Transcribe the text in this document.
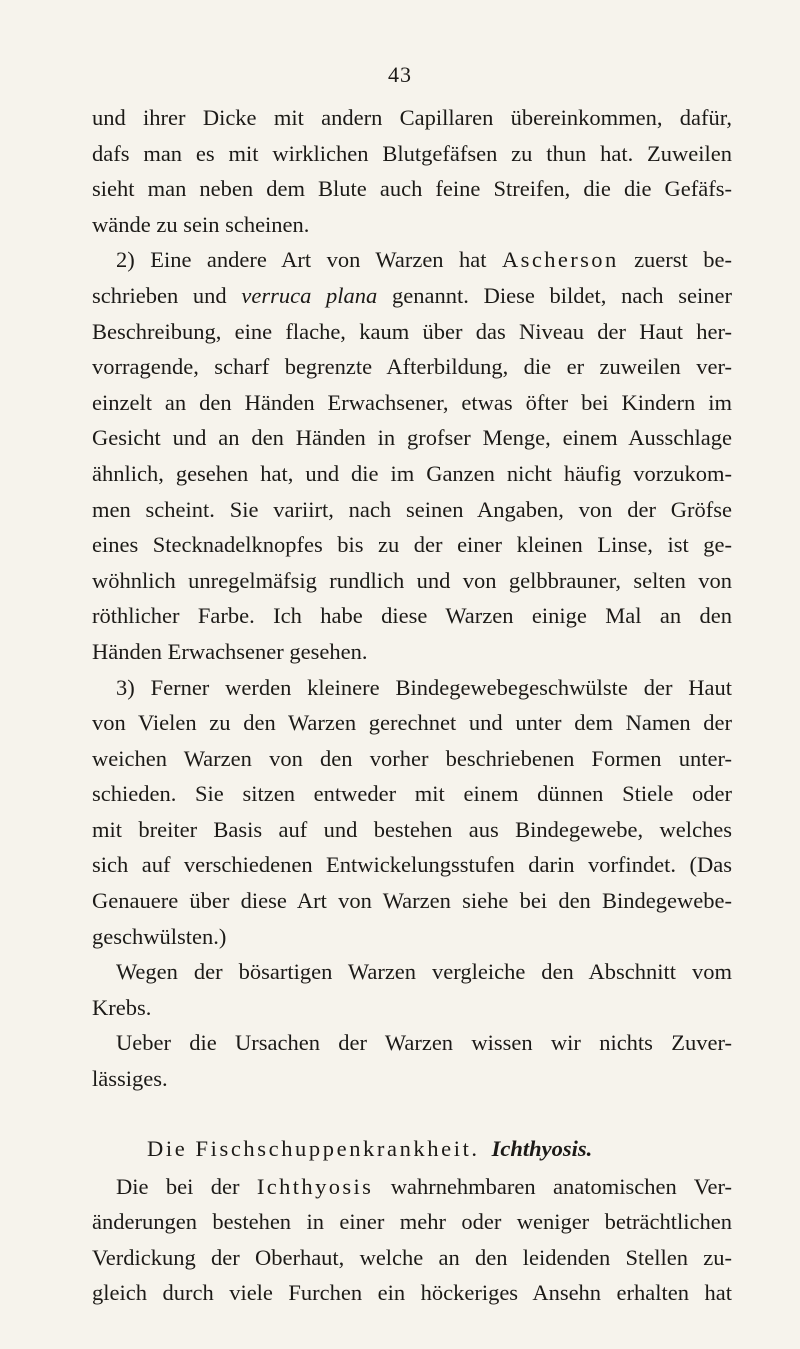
43
und ihrer Dicke mit andern Capillaren übereinkommen, dafür,
dafs man es mit wirklichen Blutgefäfsen zu thun hat. Zuweilen
sieht man neben dem Blute auch feine Streifen, die die Gefäfs-
wände zu sein scheinen.
2) Eine andere Art von Warzen hat Ascherson zuerst be-
schrieben und verruca plana genannt. Diese bildet, nach seiner
Beschreibung, eine flache, kaum über das Niveau der Haut her-
vorragende, scharf begrenzte Afterbildung, die er zuweilen ver-
einzelt an den Händen Erwachsener, etwas öfter bei Kindern im
Gesicht und an den Händen in grofser Menge, einem Ausschlage
ähnlich, gesehen hat, und die im Ganzen nicht häufig vorzukom-
men scheint. Sie variirt, nach seinen Angaben, von der Gröfse
eines Stecknadelknopfes bis zu der einer kleinen Linse, ist ge-
wöhnlich unregelmäfsig rundlich und von gelbbrauner, selten von
röthlicher Farbe. Ich habe diese Warzen einige Mal an den
Händen Erwachsener gesehen.
3) Ferner werden kleinere Bindegewebegeschwülste der Haut
von Vielen zu den Warzen gerechnet und unter dem Namen der
weichen Warzen von den vorher beschriebenen Formen unter-
schieden. Sie sitzen entweder mit einem dünnen Stiele oder
mit breiter Basis auf und bestehen aus Bindegewebe, welches
sich auf verschiedenen Entwickelungsstufen darin vorfindet. (Das
Genauere über diese Art von Warzen siehe bei den Bindegewebe-
geschwülsten.)
Wegen der bösartigen Warzen vergleiche den Abschnitt vom
Krebs.
Ueber die Ursachen der Warzen wissen wir nichts Zuver-
lässiges.
Die Fischschuppenkrankheit. Ichthyosis.
Die bei der Ichthyosis wahrnehmbaren anatomischen Ver-
änderungen bestehen in einer mehr oder weniger beträchtlichen
Verdickung der Oberhaut, welche an den leidenden Stellen zu-
gleich durch viele Furchen ein höckeriges Ansehn erhalten hat
